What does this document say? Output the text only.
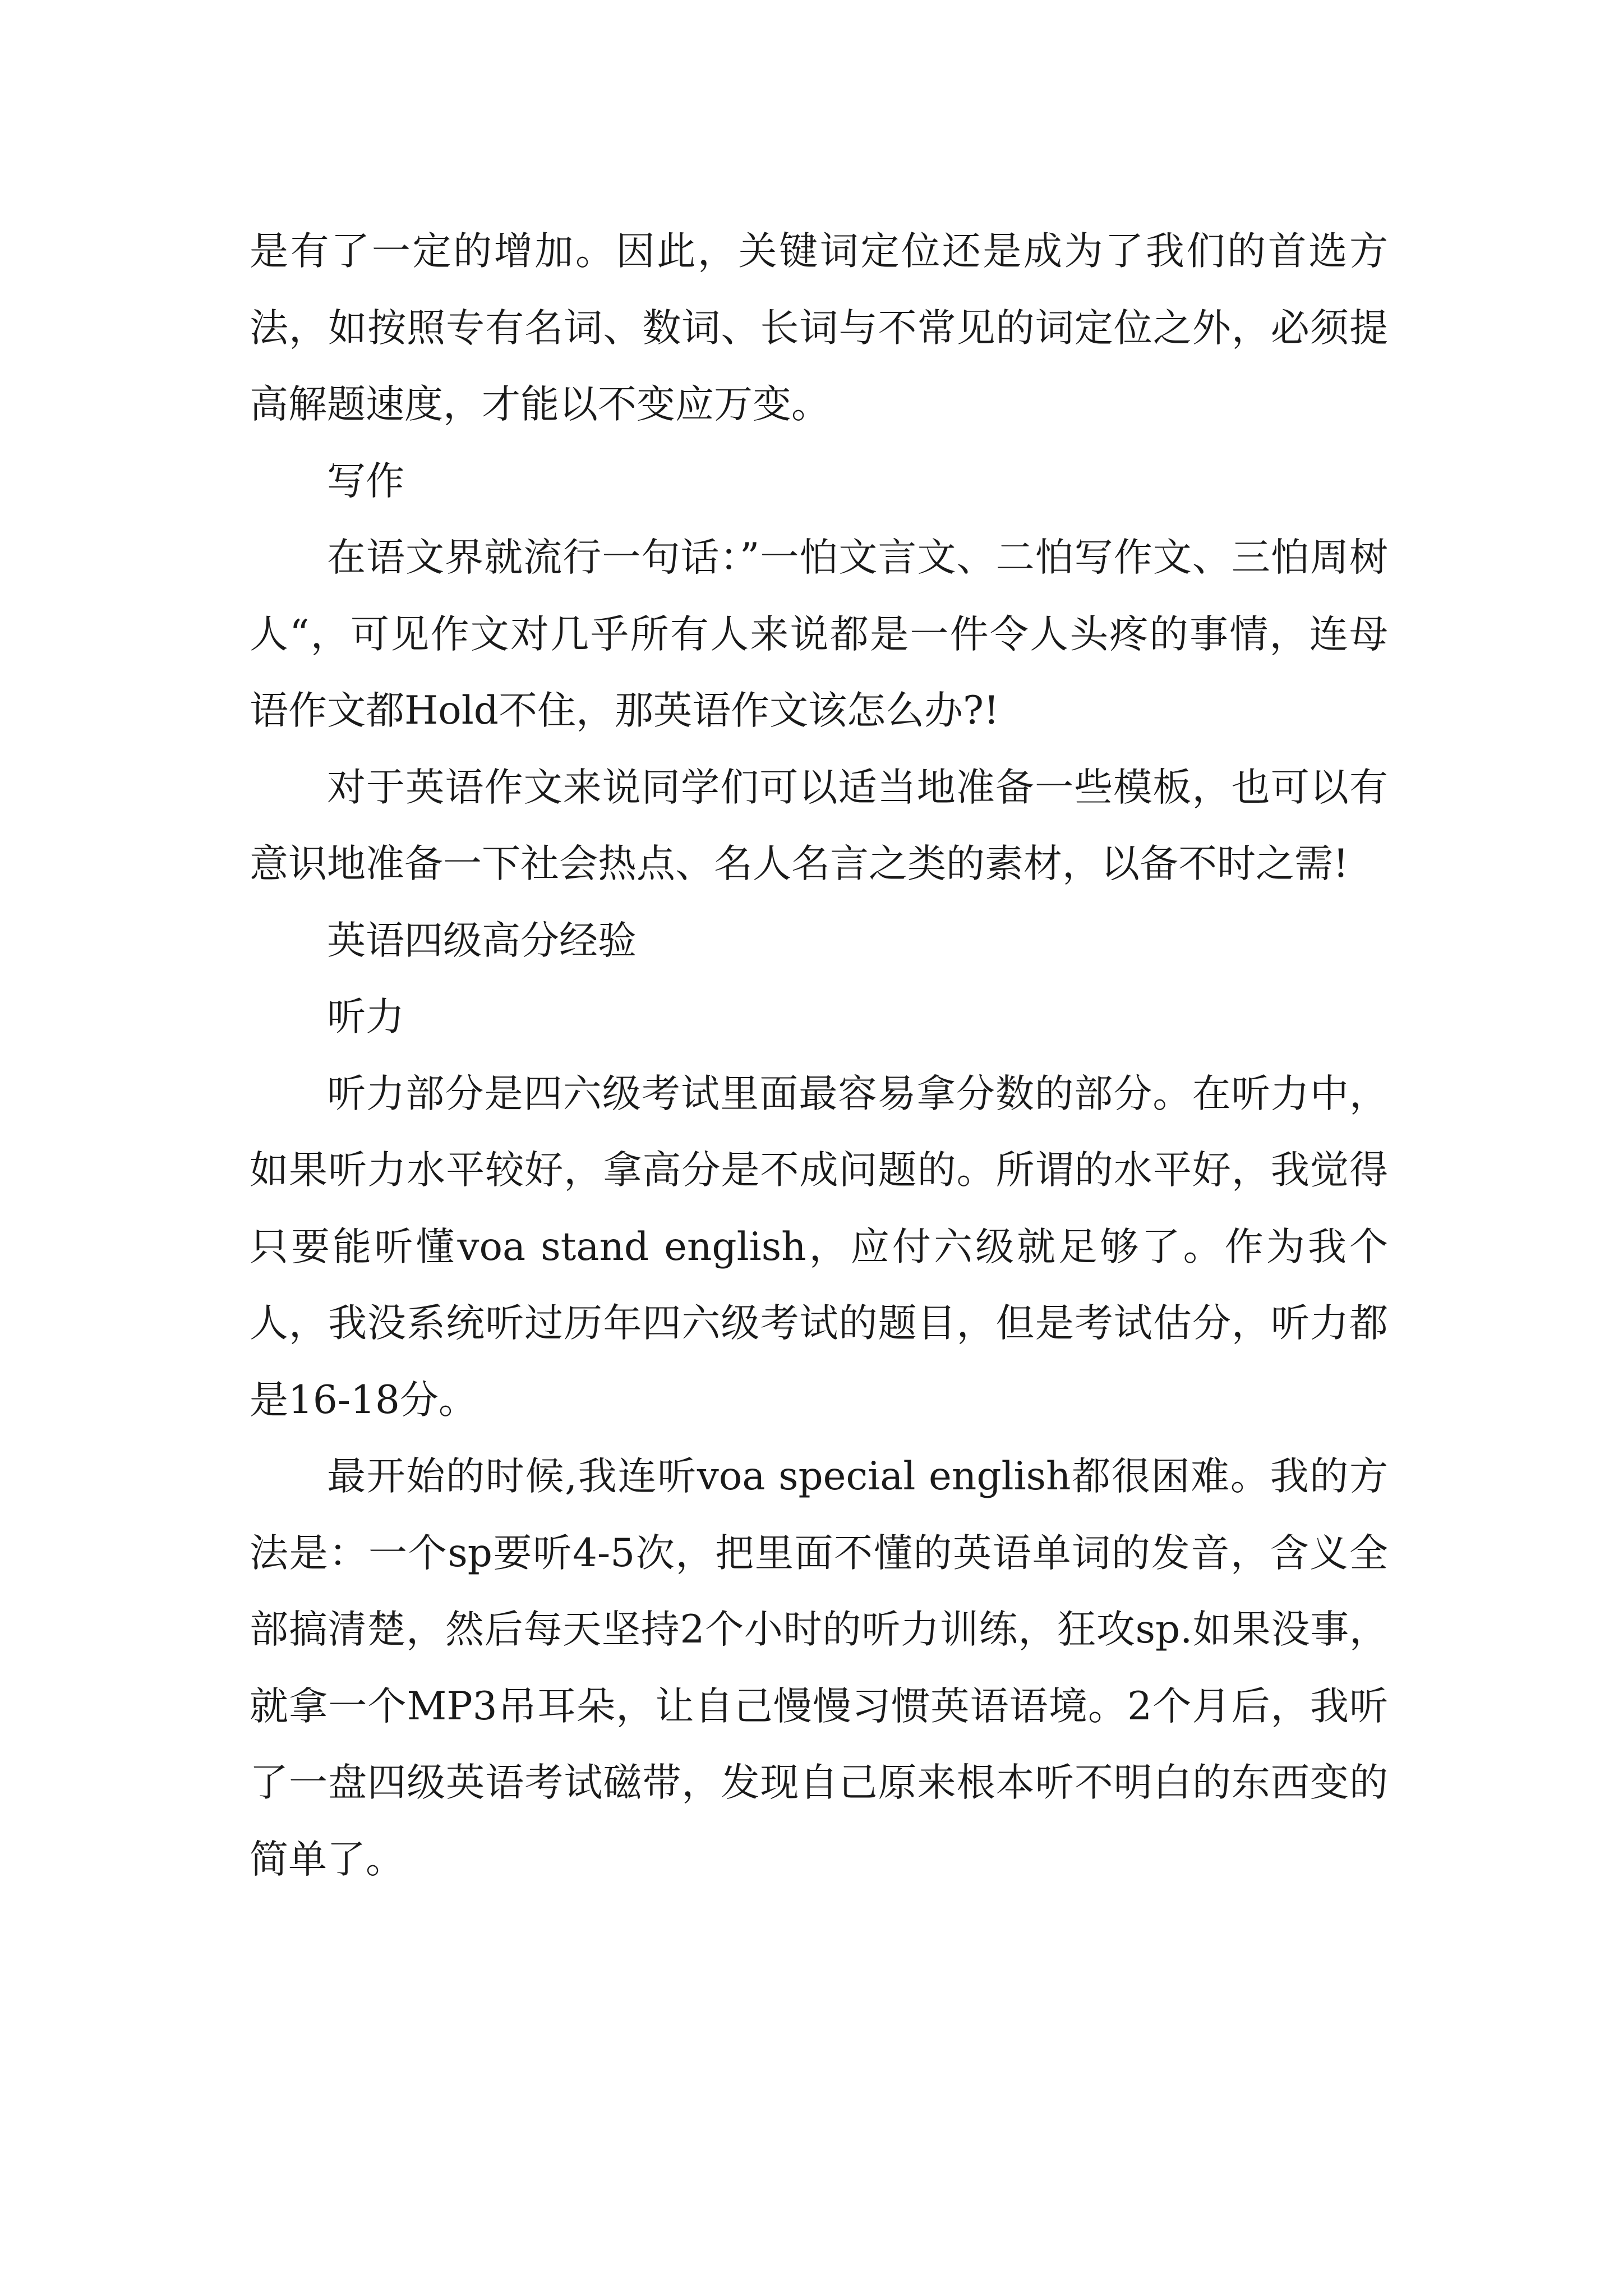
是有了一定的增加。因此，关键词定位还是成为了我们的首选方法，如按照专有名词、数词、长词与不常见的词定位之外，必须提高解题速度，才能以不变应万变。

写作

在语文界就流行一句话：”一怕文言文、二怕写作文、三怕周树人“，可见作文对几乎所有人来说都是一件令人头疼的事情，连母语作文都Hold不住，那英语作文该怎么办?!

对于英语作文来说同学们可以适当地准备一些模板，也可以有意识地准备一下社会热点、名人名言之类的素材，以备不时之需!

英语四级高分经验

听力

听力部分是四六级考试里面最容易拿分数的部分。在听力中，如果听力水平较好，拿高分是不成问题的。所谓的水平好，我觉得只要能听懂voa stand english，应付六级就足够了。作为我个人，我没系统听过历年四六级考试的题目，但是考试估分，听力都是16-18分。

最开始的时候,我连听voa special english都很困难。我的方法是：一个sp要听4-5次，把里面不懂的英语单词的发音，含义全部搞清楚，然后每天坚持2个小时的听力训练，狂攻sp.如果没事，就拿一个MP3吊耳朵，让自己慢慢习惯英语语境。2个月后，我听了一盘四级英语考试磁带，发现自己原来根本听不明白的东西变的简单了。
